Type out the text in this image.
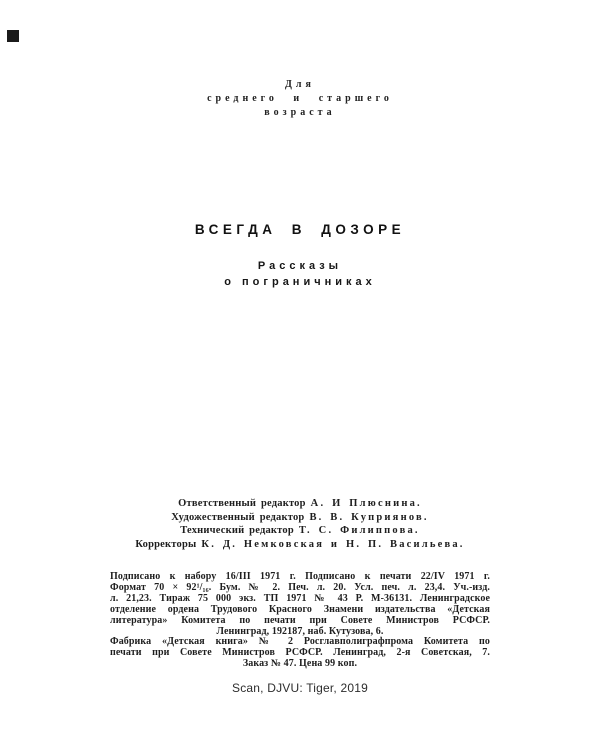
Для
среднего и старшего
возраста
ВСЕГДА В ДОЗОРЕ
Рассказы
о пограничниках
Ответственный редактор А. И Плюснина.
Художественный редактор В. В. Куприянов.
Технический редактор Т. С. Филиппова.
Корректоры К. Д. Немковская и Н. П. Васильева.
Подписано к набору 16/III 1971 г. Подписано к печати 22/IV 1971 г.
Формат 70 × 92¹/₁₆. Бум. № 2. Печ. л. 20. Усл. печ. л. 23,4. Уч.-изд.
л. 21,23. Тираж 75 000 экз. ТП 1971 № 43 Р. М-36131. Ленинградское
отделение ордена Трудового Красного Знамени издательства «Детская
литература» Комитета по печати при Совете Министров РСФСР.
Ленинград, 192187, наб. Кутузова, 6.
Фабрика «Детская книга» № 2 Росглавполиграфпрома Комитета по
печати при Совете Министров РСФСР. Ленинград, 2-я Советская, 7.
Заказ № 47. Цена 99 коп.
Scan, DJVU: Tiger, 2019
